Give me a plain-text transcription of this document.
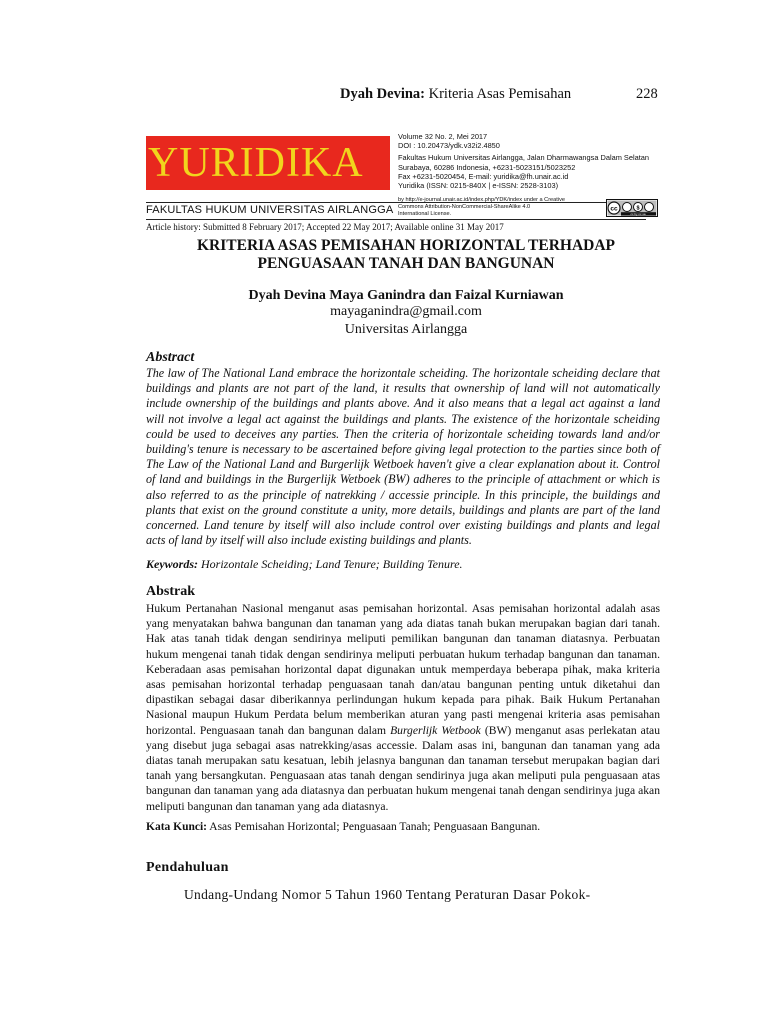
Dyah Devina: Kriteria Asas Pemisahan	228
YURIDIKA
FAKULTAS HUKUM UNIVERSITAS AIRLANGGA
Volume 32 No. 2, Mei 2017
DOI : 10.20473/ydk.v32i2.4850
Fakultas Hukum Universitas Airlangga, Jalan Dharmawangsa Dalam Selatan
Surabaya, 60286 Indonesia, +6231-5023151/5023252
Fax +6231-5020454, E-mail: yuridika@fh.unair.ac.id
Yuridika (ISSN: 0215-840X | e-ISSN: 2528-3103)
by http://e-journal.unair.ac.id/index.php/YDK/index under a Creative
Commons Attribution-NonCommercial-ShareAlike 4.0
International License.
cc	$
cc by nc sa
Article history: Submitted 8 February 2017; Accepted 22 May 2017; Available online 31 May 2017
KRITERIA ASAS PEMISAHAN HORIZONTAL TERHADAP
PENGUASAAN TANAH DAN BANGUNAN
Dyah Devina Maya Ganindra dan Faizal Kurniawan
mayaganindra@gmail.com
Universitas Airlangga
Abstract
The law of The National Land embrace the horizontale scheiding. The horizontale scheiding declare that buildings and plants are not part of the land, it results that ownership of land will not automatically include ownership of the buildings and plants above. And it also means that a legal act against a land will not involve a legal act against the buildings and plants. The existence of the horizontale scheiding could be used to deceives any parties. Then the criteria of horizontale scheiding towards land and/or building's tenure is necessary to be ascertained before giving legal protection to the parties since both of The Law of the National Land and Burgerlijk Wetboek haven't give a clear explanation about it. Control of land and buildings in the Burgerlijk Wetboek (BW) adheres to the principle of attachment or which is also referred to as the principle of natrekking / accessie principle. In this principle, the buildings and plants that exist on the ground constitute a unity, more details, buildings and plants are part of the land concerned. Land tenure by itself will also include control over existing buildings and plants and legal acts of land by itself will also include existing buildings and plants.
Keywords: Horizontale Scheiding; Land Tenure; Building Tenure.
Abstrak
Hukum Pertanahan Nasional menganut asas pemisahan horizontal. Asas pemisahan horizontal adalah asas yang menyatakan bahwa bangunan dan tanaman yang ada diatas tanah bukan merupakan bagian dari tanah. Hak atas tanah tidak dengan sendirinya meliputi pemilikan bangunan dan tanaman diatasnya. Perbuatan hukum mengenai tanah tidak dengan sendirinya meliputi perbuatan hukum terhadap bangunan dan tanaman. Keberadaan asas pemisahan horizontal dapat digunakan untuk memperdaya beberapa pihak, maka kriteria asas pemisahan horizontal terhadap penguasaan tanah dan/atau bangunan penting untuk diketahui dan dipastikan sebagai dasar diberikannya perlindungan hukum kepada para pihak. Baik Hukum Pertanahan Nasional maupun Hukum Perdata belum memberikan aturan yang pasti mengenai kriteria asas pemisahan horizontal. Penguasaan tanah dan bangunan dalam Burgerlijk Wetbook (BW) menganut asas perlekatan atau yang disebut juga sebagai asas natrekking/asas accessie. Dalam asas ini, bangunan dan tanaman yang ada diatas tanah merupakan satu kesatuan, lebih jelasnya bangunan dan tanaman tersebut merupakan bagian dari tanah yang bersangkutan. Penguasaan atas tanah dengan sendirinya juga akan meliputi pula penguasaan atas bangunan dan tanaman yang ada diatasnya dan perbuatan hukum mengenai tanah dengan sendirinya juga akan meliputi bangunan dan tanaman yang ada diatasnya.
Kata Kunci: Asas Pemisahan Horizontal; Penguasaan Tanah; Penguasaan Bangunan.
Pendahuluan
Undang-Undang Nomor 5 Tahun 1960 Tentang Peraturan Dasar Pokok-
